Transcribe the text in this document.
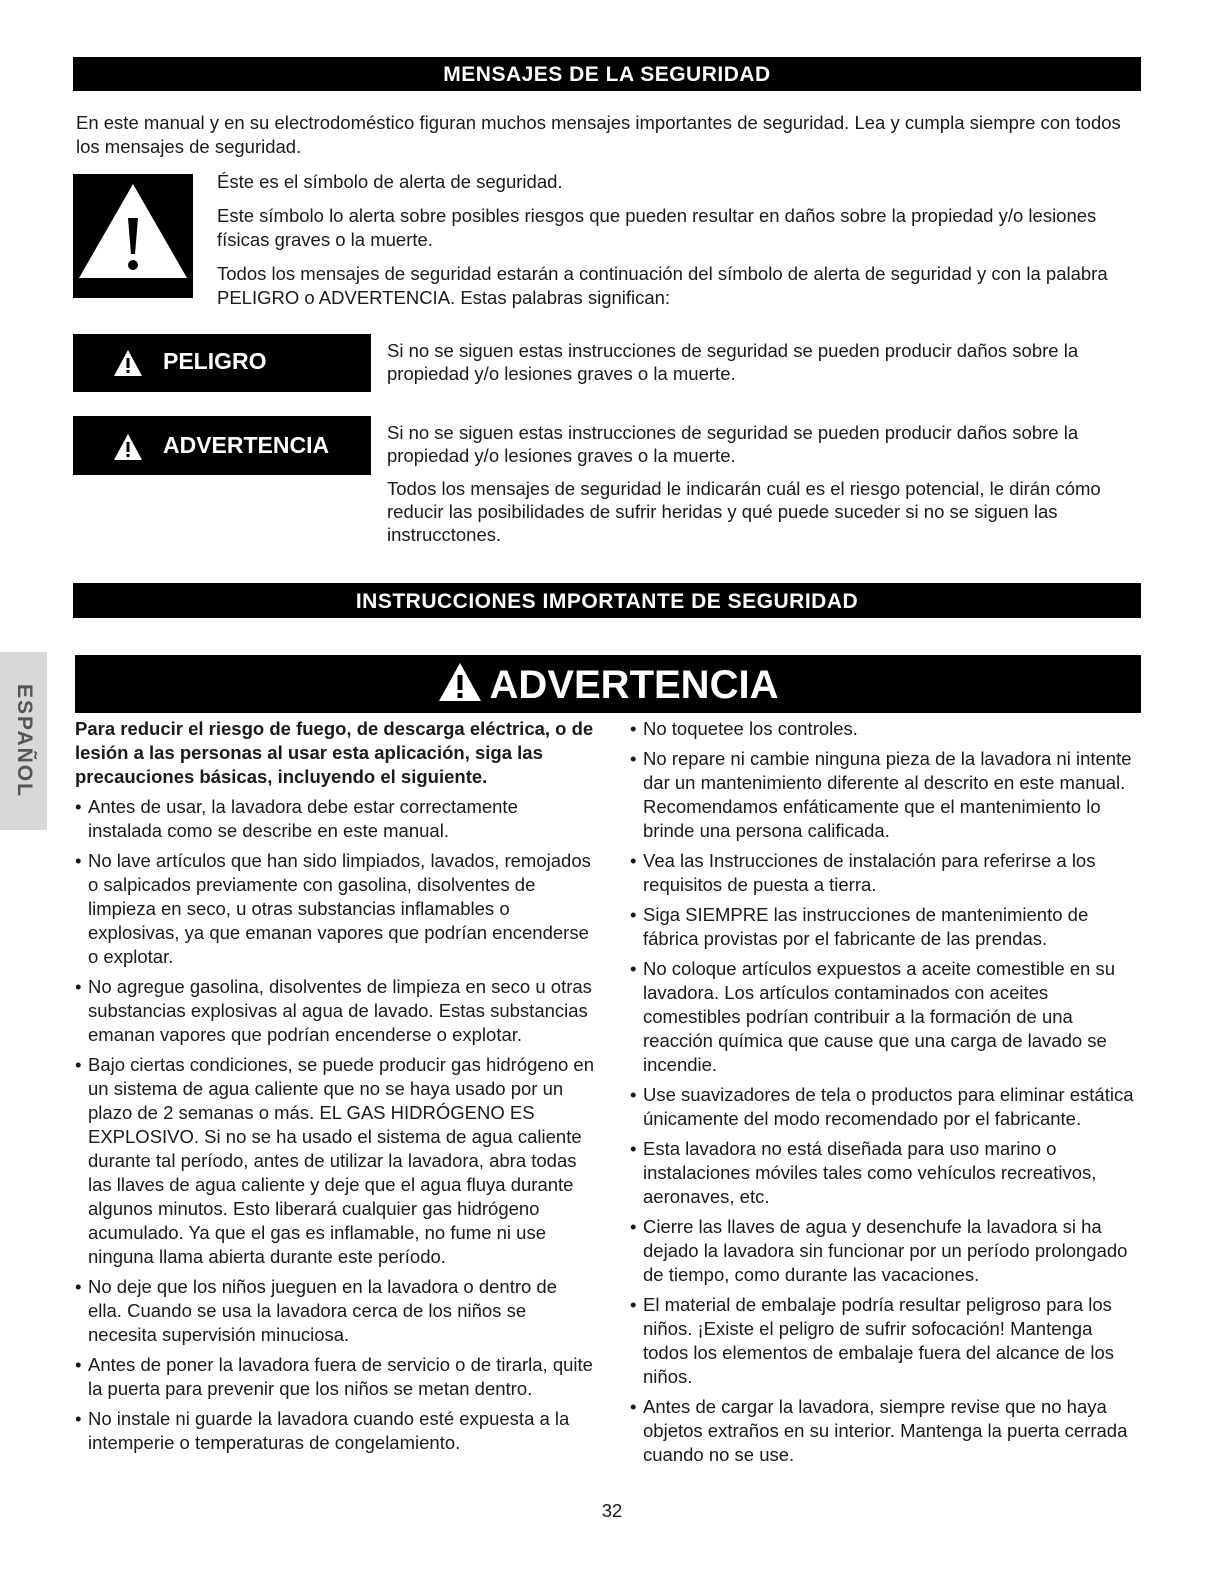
MENSAJES DE LA SEGURIDAD
En este manual y en su electrodoméstico figuran muchos mensajes importantes de seguridad. Lea y cumpla siempre con todos los mensajes de seguridad.

Éste es el símbolo de alerta de seguridad.

Este símbolo lo alerta sobre posibles riesgos que pueden resultar en daños sobre la propiedad y/o lesiones físicas graves o la muerte.

Todos los mensajes de seguridad estarán a continuación del símbolo de alerta de seguridad y con la palabra PELIGRO o ADVERTENCIA. Estas palabras significan:

PELIGRO	Si no se siguen estas instrucciones de seguridad se pueden producir daños sobre la propiedad y/o lesiones graves o la muerte.

ADVERTENCIA	Si no se siguen estas instrucciones de seguridad se pueden producir daños sobre la propiedad y/o lesiones graves o la muerte.

Todos los mensajes de seguridad le indicarán cuál es el riesgo potencial, le dirán cómo reducir las posibilidades de sufrir heridas y qué puede suceder si no se siguen las instrucctones.

INSTRUCCIONES IMPORTANTE DE SEGURIDAD
ESPAÑOL	ADVERTENCIA

Para reducir el riesgo de fuego, de descarga eléctrica, o de lesión a las personas al usar esta aplicación, siga las precauciones básicas, incluyendo el siguiente.

• Antes de usar, la lavadora debe estar correctamente instalada como se describe en este manual.
• No lave artículos que han sido limpiados, lavados, remojados o salpicados previamente con gasolina, disolventes de limpieza en seco, u otras substancias inflamables o explosivas, ya que emanan vapores que podrían encenderse o explotar.
• No agregue gasolina, disolventes de limpieza en seco u otras substancias explosivas al agua de lavado. Estas substancias emanan vapores que podrían encenderse o explotar.
• Bajo ciertas condiciones, se puede producir gas hidrógeno en un sistema de agua caliente que no se haya usado por un plazo de 2 semanas o más. EL GAS HIDRÓGENO ES EXPLOSIVO. Si no se ha usado el sistema de agua caliente durante tal período, antes de utilizar la lavadora, abra todas las llaves de agua caliente y deje que el agua fluya durante algunos minutos. Esto liberará cualquier gas hidrógeno acumulado. Ya que el gas es inflamable, no fume ni use ninguna llama abierta durante este período.
• No deje que los niños jueguen en la lavadora o dentro de ella. Cuando se usa la lavadora cerca de los niños se necesita supervisión minuciosa.
• Antes de poner la lavadora fuera de servicio o de tirarla, quite la puerta para prevenir que los niños se metan dentro.
• No instale ni guarde la lavadora cuando esté expuesta a la intemperie o temperaturas de congelamiento.
• No toquetee los controles.
• No repare ni cambie ninguna pieza de la lavadora ni intente dar un mantenimiento diferente al descrito en este manual. Recomendamos enfáticamente que el mantenimiento lo brinde una persona calificada.
• Vea las Instrucciones de instalación para referirse a los requisitos de puesta a tierra.
• Siga SIEMPRE las instrucciones de mantenimiento de fábrica provistas por el fabricante de las prendas.
• No coloque artículos expuestos a aceite comestible en su lavadora. Los artículos contaminados con aceites comestibles podrían contribuir a la formación de una reacción química que cause que una carga de lavado se incendie.
• Use suavizadores de tela o productos para eliminar estática únicamente del modo recomendado por el fabricante.
• Esta lavadora no está diseñada para uso marino o instalaciones móviles tales como vehículos recreativos, aeronaves, etc.
• Cierre las llaves de agua y desenchufe la lavadora si ha dejado la lavadora sin funcionar por un período prolongado de tiempo, como durante las vacaciones.
• El material de embalaje podría resultar peligroso para los niños. ¡Existe el peligro de sufrir sofocación! Mantenga todos los elementos de embalaje fuera del alcance de los niños.
• Antes de cargar la lavadora, siempre revise que no haya objetos extraños en su interior. Mantenga la puerta cerrada cuando no se use.
32
